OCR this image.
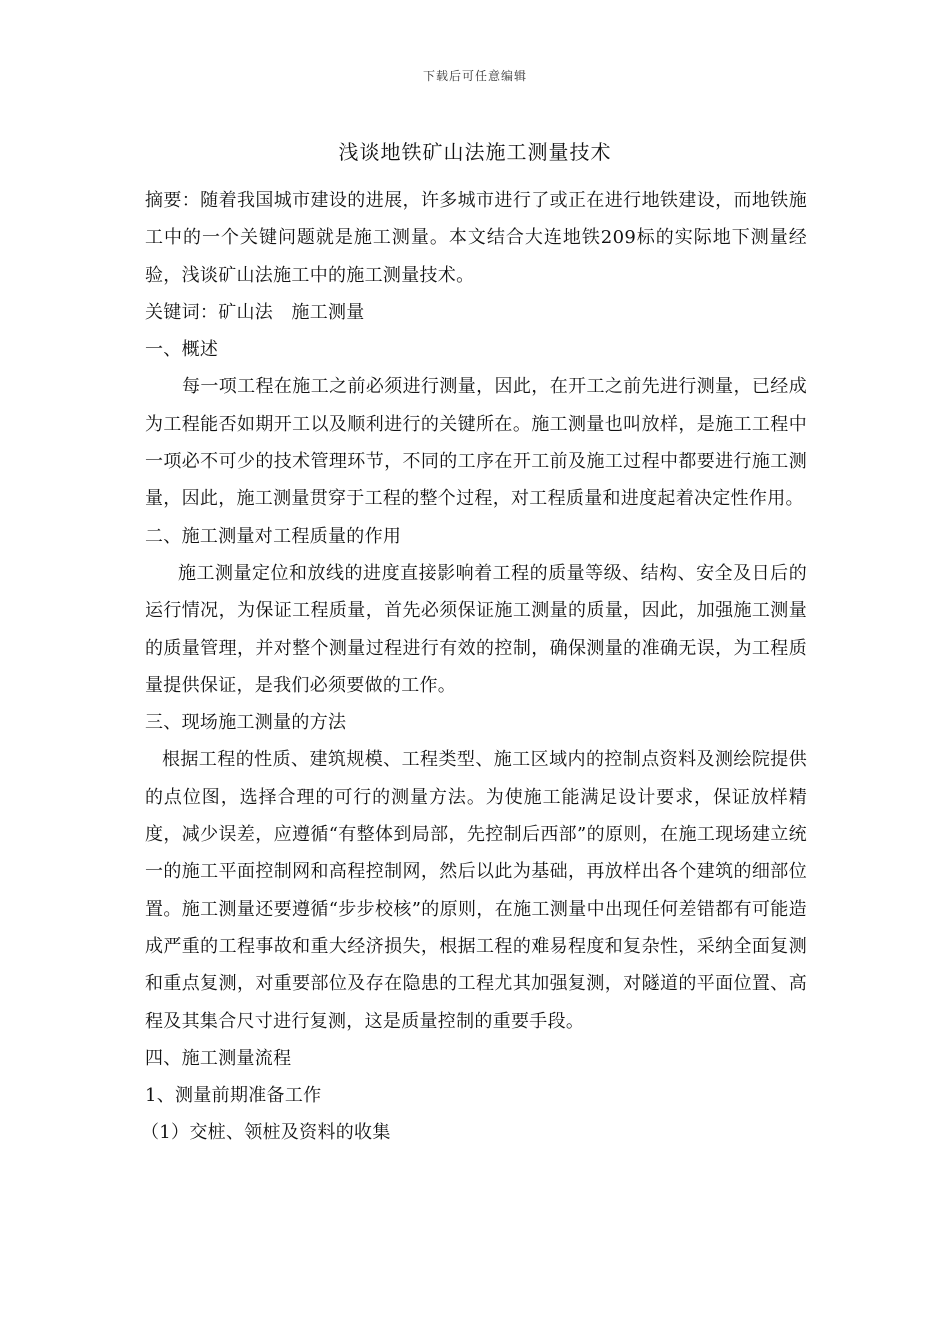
下载后可任意编辑
浅谈地铁矿山法施工测量技术

摘要：随着我国城市建设的进展，许多城市进行了或正在进行地铁建设，而地铁施工中的一个关键问题就是施工测量。本文结合大连地铁209标的实际地下测量经验，浅谈矿山法施工中的施工测量技术。

关键词：矿山法　施工测量

一、概述

每一项工程在施工之前必须进行测量，因此，在开工之前先进行测量，已经成为工程能否如期开工以及顺利进行的关键所在。施工测量也叫放样，是施工工程中一项必不可少的技术管理环节，不同的工序在开工前及施工过程中都要进行施工测量，因此，施工测量贯穿于工程的整个过程，对工程质量和进度起着决定性作用。

二、施工测量对工程质量的作用

施工测量定位和放线的进度直接影响着工程的质量等级、结构、安全及日后的运行情况，为保证工程质量，首先必须保证施工测量的质量，因此，加强施工测量的质量管理，并对整个测量过程进行有效的控制，确保测量的准确无误，为工程质量提供保证，是我们必须要做的工作。

三、现场施工测量的方法

根据工程的性质、建筑规模、工程类型、施工区域内的控制点资料及测绘院提供的点位图，选择合理的可行的测量方法。为使施工能满足设计要求，保证放样精度，减少误差，应遵循“有整体到局部，先控制后西部”的原则，在施工现场建立统一的施工平面控制网和高程控制网，然后以此为基础，再放样出各个建筑的细部位置。施工测量还要遵循“步步校核”的原则，在施工测量中出现任何差错都有可能造成严重的工程事故和重大经济损失，根据工程的难易程度和复杂性，采纳全面复测和重点复测，对重要部位及存在隐患的工程尤其加强复测，对隧道的平面位置、高程及其集合尺寸进行复测，这是质量控制的重要手段。

四、施工测量流程

1、测量前期准备工作

（1）交桩、领桩及资料的收集
